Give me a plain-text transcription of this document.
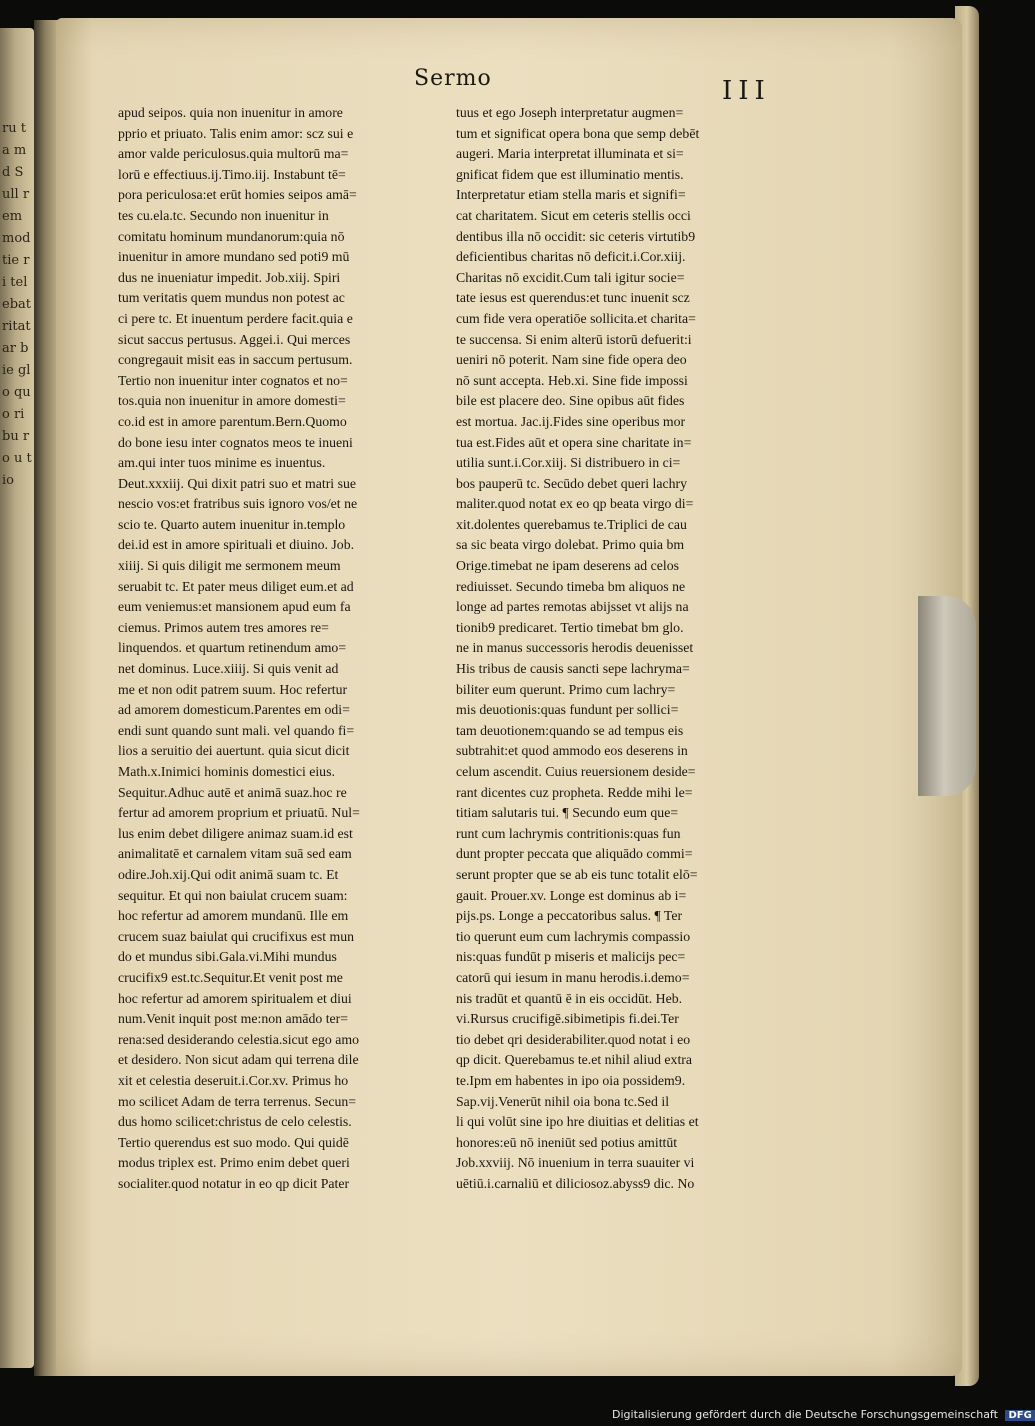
ru ta m d S ull rem mod tie ri tel ebat ritat ar bie glo quo ribu ro u tio
Sermo	III
apud seipos. quia non inuenitur in amore
pprio et priuato. Talis enim amor: scz sui e
amor valde periculosus.quia multorū ma=
lorū e effectiuus.ij.Timo.iij. Instabunt tē=
pora periculosa:et erūt homies seipos amā=
tes cu.ela.tc. Secundo non inuenitur in
comitatu hominum mundanorum:quia nō
inuenitur in amore mundano sed poti9 mū
dus ne inueniatur impedit. Job.xiij. Spiri
tum veritatis quem mundus non potest ac
ci pere tc. Et inuentum perdere facit.quia e
sicut saccus pertusus. Aggei.i. Qui merces
congregauit misit eas in saccum pertusum.
Tertio non inuenitur inter cognatos et no=
tos.quia non inuenitur in amore domesti=
co.id est in amore parentum.Bern.Quomo
do bone iesu inter cognatos meos te inueni
am.qui inter tuos minime es inuentus.
Deut.xxxiij. Qui dixit patri suo et matri sue
nescio vos:et fratribus suis ignoro vos/et ne
scio te. Quarto autem inuenitur in.templo
dei.id est in amore spirituali et diuino. Job.
xiiij. Si quis diligit me sermonem meum
seruabit tc. Et pater meus diliget eum.et ad
eum veniemus:et mansionem apud eum fa
ciemus. Primos autem tres amores re=
linquendos. et quartum retinendum amo=
net dominus. Luce.xiiij. Si quis venit ad
me et non odit patrem suum. Hoc refertur
ad amorem domesticum.Parentes em odi=
endi sunt quando sunt mali. vel quando fi=
lios a seruitio dei auertunt. quia sicut dicit
Math.x.Inimici hominis domestici eius.
Sequitur.Adhuc autē et animā suaz.hoc re
fertur ad amorem proprium et priuatū. Nul=
lus enim debet diligere animaz suam.id est
animalitatē et carnalem vitam suā sed eam
odire.Joh.xij.Qui odit animā suam tc. Et
sequitur. Et qui non baiulat crucem suam:
hoc refertur ad amorem mundanū. Ille em
crucem suaz baiulat qui crucifixus est mun
do et mundus sibi.Gala.vi.Mihi mundus
crucifix9 est.tc.Sequitur.Et venit post me
hoc refertur ad amorem spiritualem et diui
num.Venit inquit post me:non amādo ter=
rena:sed desiderando celestia.sicut ego amo
et desidero. Non sicut adam qui terrena dile
xit et celestia deseruit.i.Cor.xv. Primus ho
mo scilicet Adam de terra terrenus. Secun=
dus homo scilicet:christus de celo celestis.
Tertio querendus est suo modo. Qui quidē
modus triplex est. Primo enim debet queri
socialiter.quod notatur in eo qp dicit Pater
tuus et ego Joseph interpretatur augmen=
tum et significat opera bona que semp debēt
augeri. Maria interpretat illuminata et si=
gnificat fidem que est illuminatio mentis.
Interpretatur etiam stella maris et signifi=
cat charitatem. Sicut em ceteris stellis occi
dentibus illa nō occidit: sic ceteris virtutib9
deficientibus charitas nō deficit.i.Cor.xiij.
Charitas nō excidit.Cum tali igitur socie=
tate iesus est querendus:et tunc inuenit scz
cum fide vera operatiōe sollicita.et charita=
te succensa. Si enim alterū istorū defuerit:i
ueniri nō poterit. Nam sine fide opera deo
nō sunt accepta. Heb.xi. Sine fide impossi
bile est placere deo. Sine opibus aūt fides
est mortua. Jac.ij.Fides sine operibus mor
tua est.Fides aūt et opera sine charitate in=
utilia sunt.i.Cor.xiij. Si distribuero in ci=
bos pauperū tc. Secūdo debet queri lachry
maliter.quod notat ex eo qp beata virgo di=
xit.dolentes querebamus te.Triplici de cau
sa sic beata virgo dolebat. Primo quia bm
Orige.timebat ne ipam deserens ad celos
rediuisset. Secundo timeba bm aliquos ne
longe ad partes remotas abijsset vt alijs na
tionib9 predicaret. Tertio timebat bm glo.
ne in manus successoris herodis deuenisset
His tribus de causis sancti sepe lachryma=
biliter eum querunt. Primo cum lachry=
mis deuotionis:quas fundunt per sollici=
tam deuotionem:quando se ad tempus eis
subtrahit:et quod ammodo eos deserens in
celum ascendit. Cuius reuersionem deside=
rant dicentes cuz propheta. Redde mihi le=
titiam salutaris tui. ¶ Secundo eum que=
runt cum lachrymis contritionis:quas fun
dunt propter peccata que aliquādo commi=
serunt propter que se ab eis tunc totalit elō=
gauit. Prouer.xv. Longe est dominus ab i=
pijs.ps. Longe a peccatoribus salus. ¶ Ter
tio querunt eum cum lachrymis compassio
nis:quas fundūt p miseris et malicijs pec=
catorū qui iesum in manu herodis.i.demo=
nis tradūt et quantū ē in eis occidūt. Heb.
vi.Rursus crucifigē.sibimetipis fi.dei.Ter
tio debet qri desiderabiliter.quod notat i eo
qp dicit. Querebamus te.et nihil aliud extra
te.Ipm em habentes in ipo oia possidem9.
Sap.vij.Venerūt nihil oia bona tc.Sed il
li qui volūt sine ipo hre diuitias et delitias et
honores:eū nō ineniūt sed potius amittūt
Job.xxviij. Nō inuenium in terra suauiter vi
uētiū.i.carnaliū et diliciosoz.abyss9 dic. No
Digitalisierung gefördert durch die Deutsche Forschungsgemeinschaft DFG
